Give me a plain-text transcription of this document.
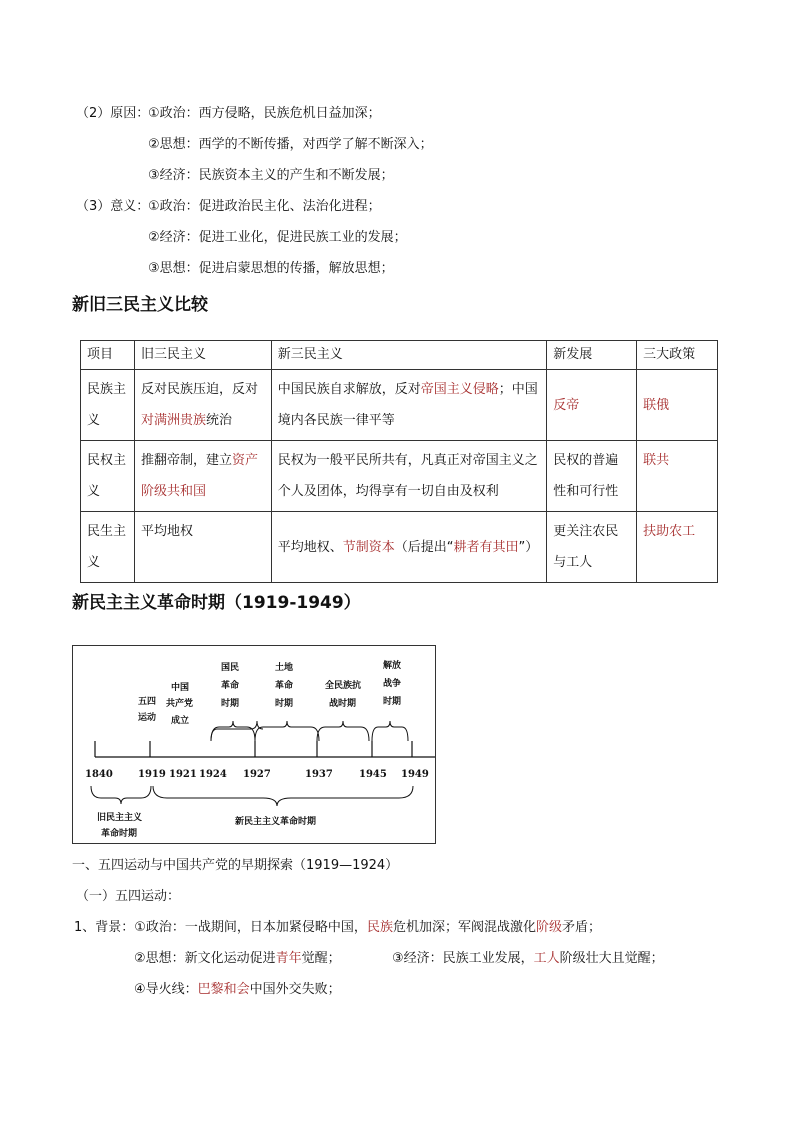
（2）原因：
①政治：西方侵略，民族危机日益加深；
②思想：西学的不断传播，对西学了解不断深入；
③经济：民族资本主义的产生和不断发展；
（3）意义：
①政治：促进政治民主化、法治化进程；
②经济：促进工业化，促进民族工业的发展；
③思想：促进启蒙思想的传播，解放思想；
新旧三民主义比较
项目	旧三民主义	新三民主义	新发展	三大政策
民族主义	反对民族压迫，反对对满洲贵族统治	中国民族自求解放，反对帝国主义侵略；中国境内各民族一律平等	反帝	联俄
民权主义	推翻帝制，建立资产阶级共和国	民权为一般平民所共有，凡真正对帝国主义之个人及团体，均得享有一切自由及权利	民权的普遍性和可行性	联共
民生主义	平均地权	平均地权、节制资本（后提出“耕者有其田”）	更关注农民与工人	扶助农工
新民主主义革命时期（1919-1949）
1840	1919 1921 1924 1927	1937	1945 1949
五四
运动
中国
共产党
成立
国民
革命
时期
土地
革命
时期
全民族抗
战时期
解放
战争
时期
旧民主主义
革命时期
新民主主义革命时期
一、五四运动与中国共产党的早期探索（1919—1924）
（一）五四运动：
1、背景：①政治：一战期间，日本加紧侵略中国，民族危机加深；军阀混战激化阶级矛盾；
②思想：新文化运动促进青年觉醒；	③经济：民族工业发展，工人阶级壮大且觉醒；
④导火线：巴黎和会中国外交失败；
